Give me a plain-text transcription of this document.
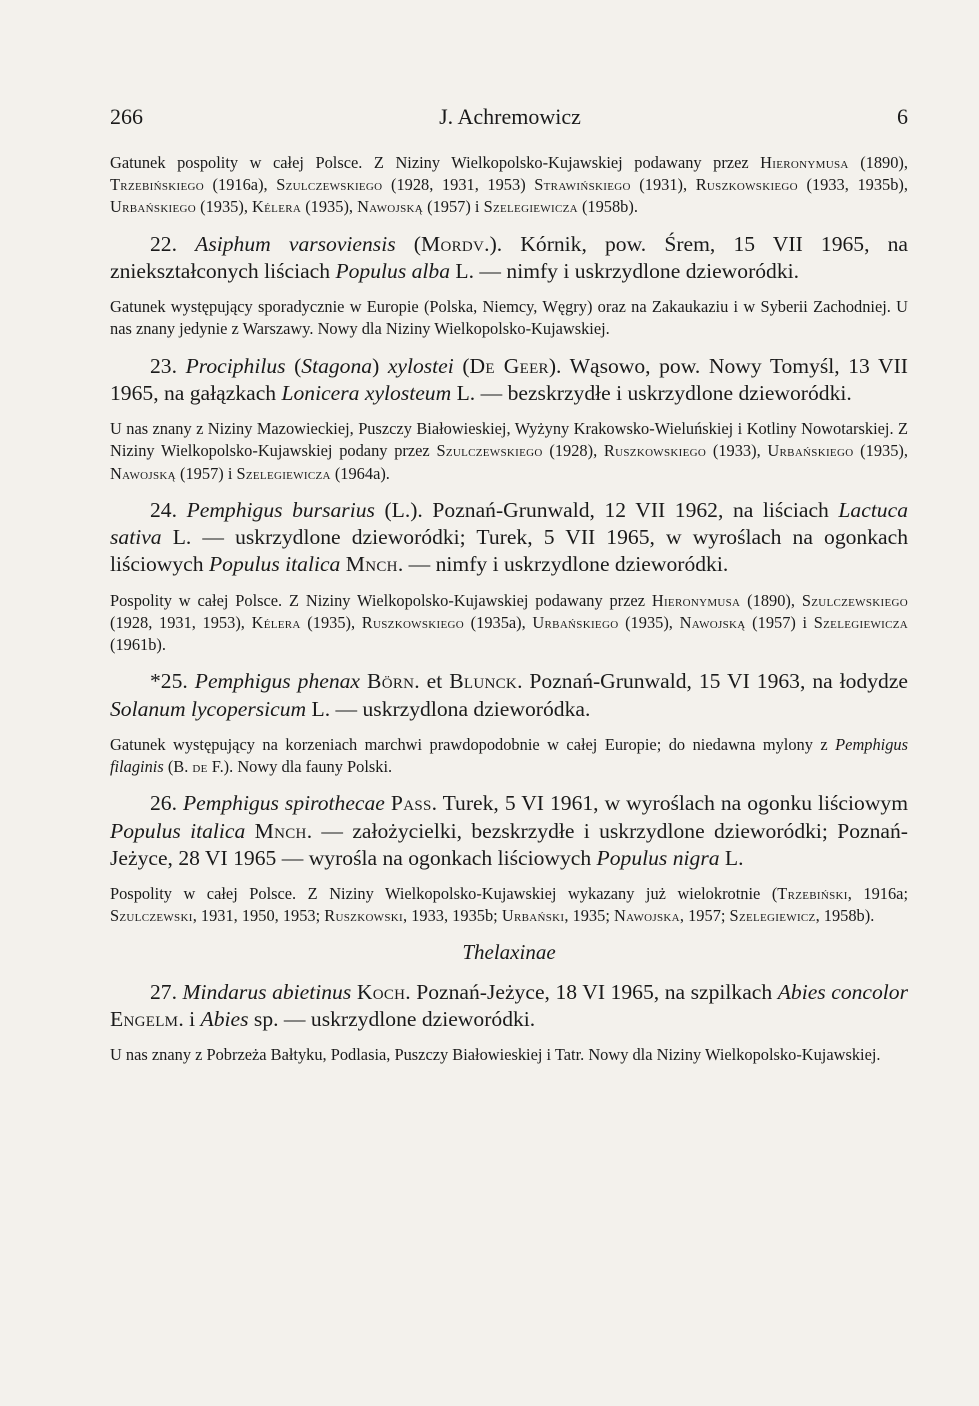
266	J. Achremowicz	6

Gatunek pospolity w całej Polsce. Z Niziny Wielkopolsko-Kujawskiej podawany przez Hieronymusa (1890), Trzebińskiego (1916a), Szulczewskiego (1928, 1931, 1953) Strawińskiego (1931), Ruszkowskiego (1933, 1935b), Urbańskiego (1935), Kélera (1935), Nawojską (1957) i Szelegiewicza (1958b).

22. Asiphum varsoviensis (Mordv.). Kórnik, pow. Śrem, 15 VII 1965, na zniekształconych liściach Populus alba L. — nimfy i uskrzydlone dzieworódki.

Gatunek występujący sporadycznie w Europie (Polska, Niemcy, Węgry) oraz na Zakaukaziu i w Syberii Zachodniej. U nas znany jedynie z Warszawy. Nowy dla Niziny Wielkopolsko-Kujawskiej.

23. Prociphilus (Stagona) xylostei (De Geer). Wąsowo, pow. Nowy Tomyśl, 13 VII 1965, na gałązkach Lonicera xylosteum L. — bezskrzydłe i uskrzydlone dzieworódki.

U nas znany z Niziny Mazowieckiej, Puszczy Białowieskiej, Wyżyny Krakowsko-Wieluńskiej i Kotliny Nowotarskiej. Z Niziny Wielkopolsko-Kujawskiej podany przez Szulczewskiego (1928), Ruszkowskiego (1933), Urbańskiego (1935), Nawojską (1957) i Szelegiewicza (1964a).

24. Pemphigus bursarius (L.). Poznań-Grunwald, 12 VII 1962, na liściach Lactuca sativa L. — uskrzydlone dzieworódki; Turek, 5 VII 1965, w wyroślach na ogonkach liściowych Populus italica Mnch. — nimfy i uskrzydlone dzieworódki.

Pospolity w całej Polsce. Z Niziny Wielkopolsko-Kujawskiej podawany przez Hieronymusa (1890), Szulczewskiego (1928, 1931, 1953), Kélera (1935), Ruszkowskiego (1935a), Urbańskiego (1935), Nawojską (1957) i Szelegiewicza (1961b).

*25. Pemphigus phenax Börn. et Blunck. Poznań-Grunwald, 15 VI 1963, na łodydze Solanum lycopersicum L. — uskrzydlona dzieworódka.

Gatunek występujący na korzeniach marchwi prawdopodobnie w całej Europie; do niedawna mylony z Pemphigus filaginis (B. de F.). Nowy dla fauny Polski.

26. Pemphigus spirothecae Pass. Turek, 5 VI 1961, w wyroślach na ogonku liściowym Populus italica Mnch. — założycielki, bezskrzydłe i uskrzydlone dzieworódki; Poznań-Jeżyce, 28 VI 1965 — wyrośla na ogonkach liściowych Populus nigra L.

Pospolity w całej Polsce. Z Niziny Wielkopolsko-Kujawskiej wykazany już wielokrotnie (Trzebiński, 1916a; Szulczewski, 1931, 1950, 1953; Ruszkowski, 1933, 1935b; Urbański, 1935; Nawojska, 1957; Szelegiewicz, 1958b).

Thelaxinae

27. Mindarus abietinus Koch. Poznań-Jeżyce, 18 VI 1965, na szpilkach Abies concolor Engelm. i Abies sp. — uskrzydlone dzieworódki.

U nas znany z Pobrzeża Bałtyku, Podlasia, Puszczy Białowieskiej i Tatr. Nowy dla Niziny Wielkopolsko-Kujawskiej.
